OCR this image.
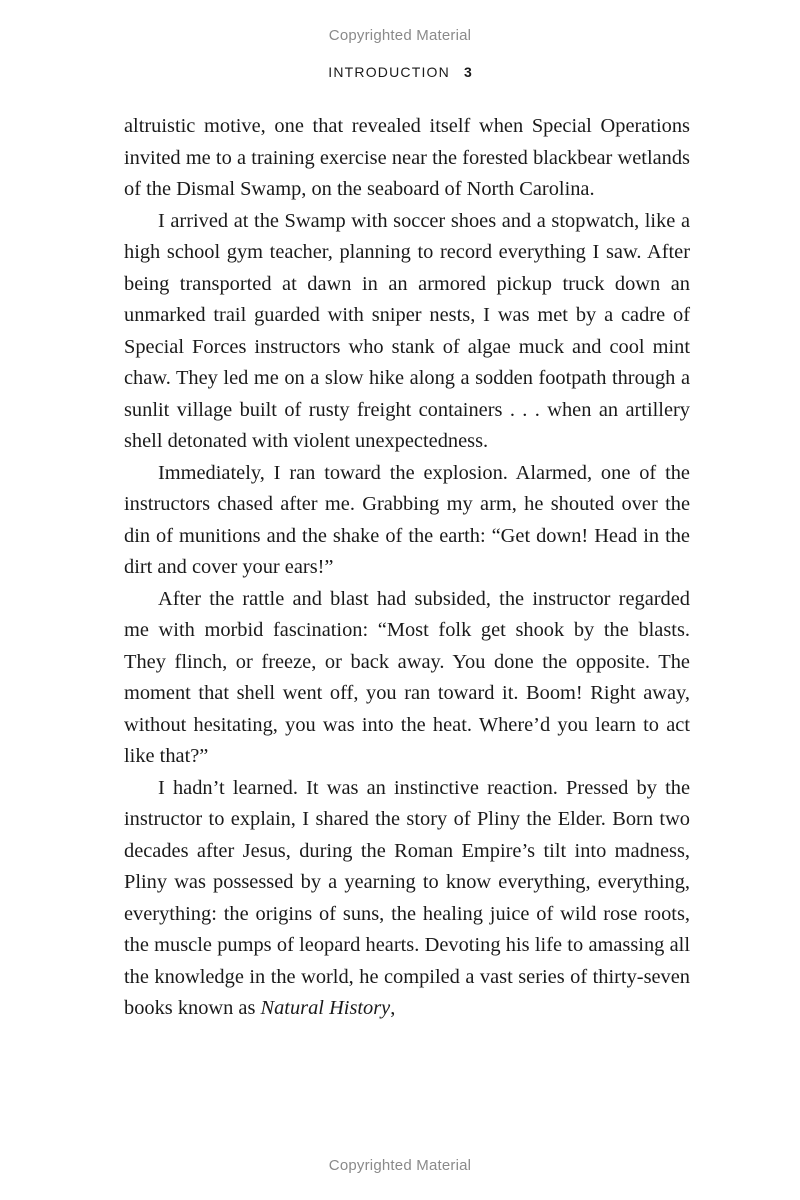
Copyrighted Material
INTRODUCTION 3

altruistic motive, one that revealed itself when Special Operations invited me to a training exercise near the forested blackbear wetlands of the Dismal Swamp, on the seaboard of North Carolina.

I arrived at the Swamp with soccer shoes and a stopwatch, like a high school gym teacher, planning to record everything I saw. After being transported at dawn in an armored pickup truck down an unmarked trail guarded with sniper nests, I was met by a cadre of Special Forces instructors who stank of algae muck and cool mint chaw. They led me on a slow hike along a sodden footpath through a sunlit village built of rusty freight containers . . . when an artillery shell detonated with violent unexpectedness.

Immediately, I ran toward the explosion. Alarmed, one of the instructors chased after me. Grabbing my arm, he shouted over the din of munitions and the shake of the earth: “Get down! Head in the dirt and cover your ears!”

After the rattle and blast had subsided, the instructor regarded me with morbid fascination: “Most folk get shook by the blasts. They flinch, or freeze, or back away. You done the opposite. The moment that shell went off, you ran toward it. Boom! Right away, without hesitating, you was into the heat. Where’d you learn to act like that?”

I hadn’t learned. It was an instinctive reaction. Pressed by the instructor to explain, I shared the story of Pliny the Elder. Born two decades after Jesus, during the Roman Empire’s tilt into madness, Pliny was possessed by a yearning to know everything, everything, everything: the origins of suns, the healing juice of wild rose roots, the muscle pumps of leopard hearts. Devoting his life to amassing all the knowledge in the world, he compiled a vast series of thirty-seven books known as Natural History,

Copyrighted Material
